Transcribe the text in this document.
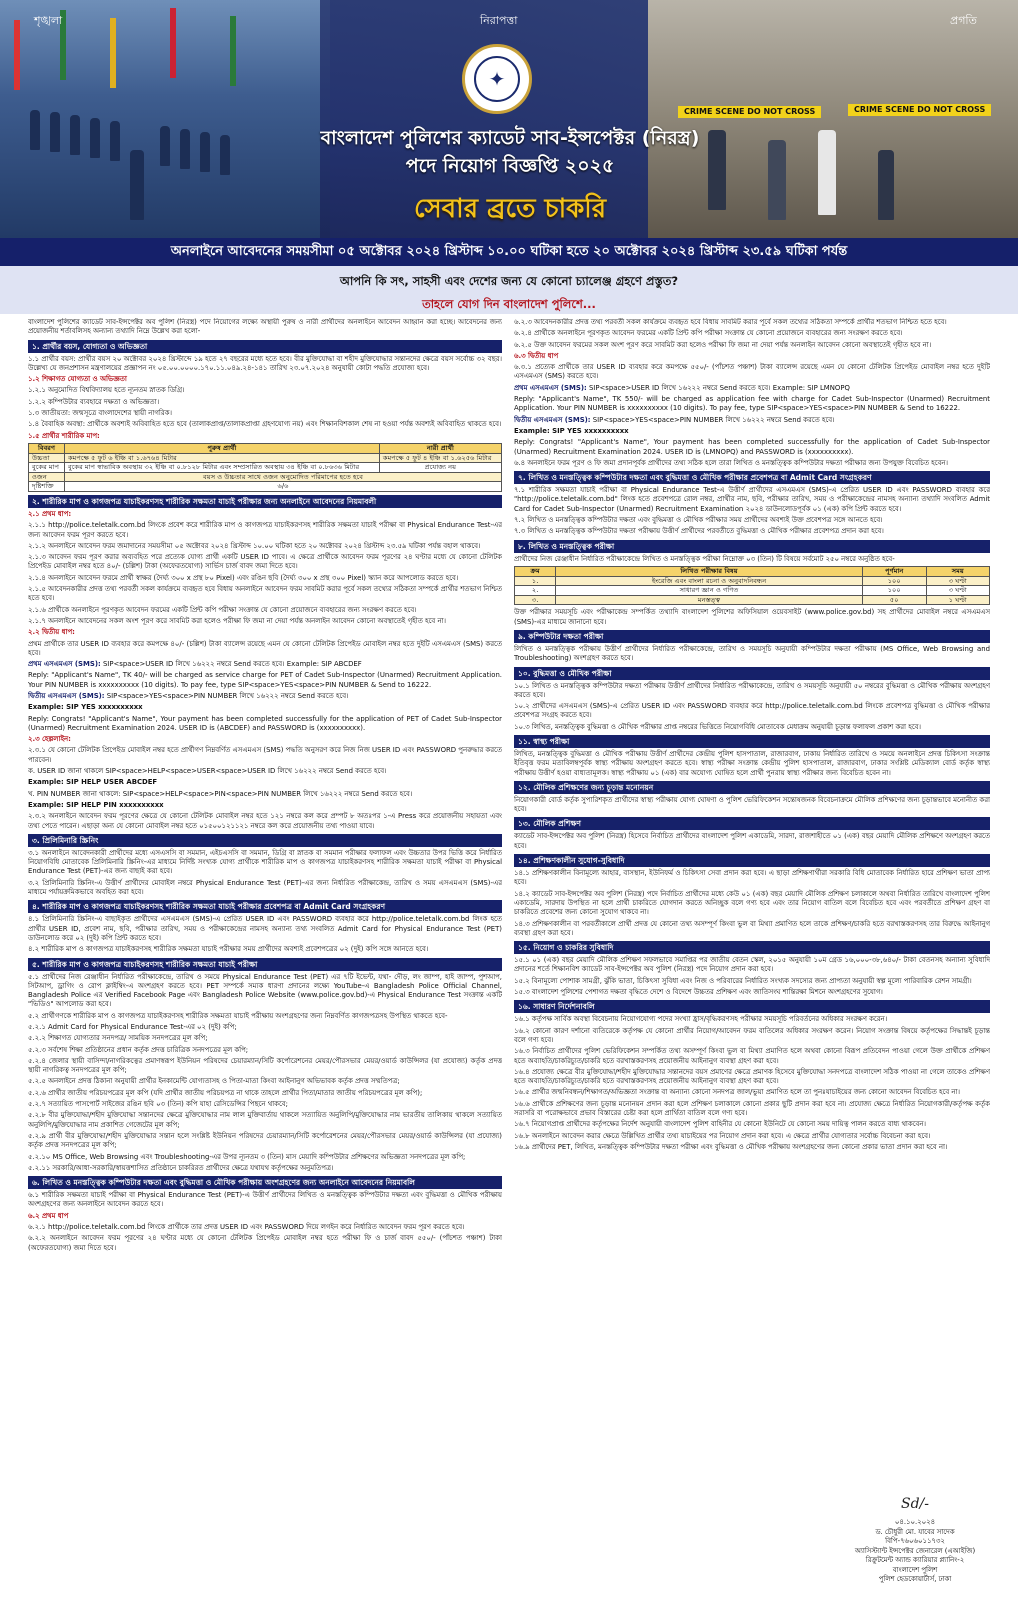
CRIME SCENE DO NOT CROSS	CRIME SCENE DO NOT CROSS
শৃঙ্খলা	নিরাপত্তা	প্রগতি
✦
বাংলাদেশ পুলিশের ক্যাডেট সাব-ইন্সপেক্টর (নিরস্ত্র)
পদে নিয়োগ বিজ্ঞপ্তি ২০২৫
সেবার ব্রতে চাকরি
অনলাইনে আবেদনের সময়সীমা ০৫ অক্টোবর ২০২৪ খ্রিস্টাব্দ ১০.০০ ঘটিকা হতে ২০ অক্টোবর ২০২৪ খ্রিস্টাব্দ ২৩.৫৯ ঘটিকা পর্যন্ত
আপনি কি সৎ, সাহসী এবং দেশের জন্য যে কোনো চ্যালেঞ্জ গ্রহণে প্রস্তুত?
তাহলে যোগ দিন বাংলাদেশ পুলিশে...
বাংলাদেশ পুলিশের ক্যাডেট সাব-ইন্সপেক্টর অব পুলিশ (নিরস্ত্র) পদে নিয়োগের লক্ষ্যে অস্থায়ী পুরুষ ও নারী প্রার্থীদের অনলাইনে আবেদন আহ্বান করা হচ্ছে। আবেদনের জন্য প্রয়োজনীয় শর্তাবলিসহ অন্যান্য তথ্যাদি নিম্নে উল্লেখ করা হলো-
১. প্রার্থীর বয়স, যোগ্যতা ও অভিজ্ঞতা
১.১ প্রার্থীর বয়স: প্রার্থীর বয়স ২০ অক্টোবর ২০২৪ খ্রিস্টাব্দে ১৯ হতে ২৭ বছরের মধ্যে হতে হবে। বীর মুক্তিযোদ্ধা বা শহীদ মুক্তিযোদ্ধার সন্তানদের ক্ষেত্রে বয়স সর্বোচ্চ ৩২ বছর। উল্লেখ্য যে জনপ্রশাসন মন্ত্রণালয়ের প্রজ্ঞাপন নং ০৫.০০.০০০০.১৭০.১১.০৪৯.২৪-১৪১ তারিখ ২৩.০৭.২০২৪ অনুযায়ী কোটা পদ্ধতি প্রযোজ্য হবে।
১.২ শিক্ষাগত যোগ্যতা ও অভিজ্ঞতা
১.২.১ অনুমোদিত বিশ্ববিদ্যালয় হতে ন্যূনতম স্নাতক ডিগ্রি।
১.২.২ কম্পিউটার ব্যবহারে দক্ষতা ও অভিজ্ঞতা।
১.৩ জাতীয়তা: জন্মসূত্রে বাংলাদেশের স্থায়ী নাগরিক।
১.৪ বৈবাহিক অবস্থা: প্রার্থীকে অবশ্যই অবিবাহিত হতে হবে (তালাকপ্রাপ্ত/তালাকপ্রাপ্তা গ্রহণযোগ্য নয়) এবং শিক্ষানবিশকাল শেষ না হওয়া পর্যন্ত অবশ্যই অবিবাহিত থাকতে হবে।
১.৫ প্রার্থীর শারীরিক মাপ:
বিবরণ	পুরুষ প্রার্থী	নারী প্রার্থী
উচ্চতা	কমপক্ষে ৫ ফুট ৬ ইঞ্চি বা ১.৬৭৬৪ মিটার	কমপক্ষে ৫ ফুট ৪ ইঞ্চি বা ১.৬২৫৬ মিটার
বুকের মাপ	বুকের মাপ স্বাভাবিক অবস্থায় ৩২ ইঞ্চি বা ০.৮১২৮ মিটার এবং সম্প্রসারিত অবস্থায় ৩৪ ইঞ্চি বা ০.৮৬৩৬ মিটার	প্রযোজ্য নয়
ওজন	বয়স ও উচ্চতার সাথে ওজন অনুমোদিত পরিমাপের হতে হবে	
দৃষ্টিশক্তি	৬/৬	
২. শারীরিক মাপ ও কাগজপত্র যাচাইকরণসহ শারীরিক সক্ষমতা যাচাই পরীক্ষার জন্য অনলাইনে আবেদনের নিয়মাবলী
২.১ প্রথম ধাপ:
২.১.১ http://police.teletalk.com.bd লিংকে প্রবেশ করে শারীরিক মাপ ও কাগজপত্র যাচাইকরণসহ শারীরিক সক্ষমতা যাচাই পরীক্ষা বা Physical Endurance Test-এর জন্য আবেদন ফরম পূরণ করতে হবে।
২.১.২ অনলাইনে আবেদন ফরম জমাদানের সময়সীমা ০৫ অক্টোবর ২০২৪ খ্রিস্টাব্দ ১০.০০ ঘটিকা হতে ২০ অক্টোবর ২০২৪ খ্রিস্টাব্দ ২৩.৫৯ ঘটিকা পর্যন্ত বহাল থাকবে।
২.১.৩ আবেদন ফরম পূরণ করার অব্যবহিত পরে প্রত্যেক যোগ্য প্রার্থী একটি USER ID পাবে। এ ক্ষেত্রে প্রার্থীকে আবেদন ফরম পূরণের ২৪ ঘণ্টার মধ্যে যে কোনো টেলিটক প্রিপেইড মোবাইল নম্বর হতে ৪০/- (চল্লিশ) টাকা (অফেরতযোগ্য) সার্ভিস চার্জ বাবদ জমা দিতে হবে।
২.১.৪ অনলাইনে আবেদন ফরমে প্রার্থী স্বাক্ষর (দৈর্ঘ্য ৩০০ x প্রস্থ ৮০ Pixel) এবং রঙিন ছবি (দৈর্ঘ্য ৩০০ x প্রস্থ ৩০০ Pixel) স্ক্যান করে আপলোড করতে হবে।
২.১.৫ আবেদনকারীর প্রদত্ত তথ্য পরবর্তী সকল কার্যক্রমে ব্যবহৃত হবে বিধায় অনলাইনে আবেদন ফরম সাবমিট করার পূর্বে সকল তথ্যের সঠিকতা সম্পর্কে প্রার্থীর শতভাগ নিশ্চিত হতে হবে।
২.১.৬ প্রার্থীকে অনলাইনে পূরণকৃত আবেদন ফরমের একটি প্রিন্ট কপি পরীক্ষা সংক্রান্ত যে কোনো প্রয়োজনে ব্যবহারের জন্য সংরক্ষণ করতে হবে।
২.১.৭ অনলাইনে আবেদনের সকল অংশ পূরণ করে সাবমিট করা হলেও পরীক্ষা ফি জমা না দেয়া পর্যন্ত অনলাইন আবেদন কোনো অবস্থাতেই গৃহীত হবে না।
২.২ দ্বিতীয় ধাপ:
প্রথম প্রার্থীকে তার USER ID ব্যবহার করে কমপক্ষে ৪০/- (চল্লিশ) টাকা ব্যালেন্স রয়েছে এমন যে কোনো টেলিটক প্রিপেইড মোবাইল নম্বর হতে দুইটি এসএমএস (SMS) করতে হবে।
প্রথম এসএমএস (SMS): SIP<space>USER ID লিখে ১৬২২২ নম্বরে Send করতে হবে। Example: SIP ABCDEF
Reply: "Applicant's Name", TK 40/- will be charged as service charge for PET of Cadet Sub-Inspector (Unarmed) Recruitment Application. Your PIN NUMBER is xxxxxxxxxx (10 digits). To pay fee, type SIP<space>YES<space>PIN NUMBER & Send to 16222.
দ্বিতীয় এসএমএস (SMS): SIP<space>YES<space>PIN NUMBER লিখে ১৬২২২ নম্বরে Send করতে হবে।
Example: SIP YES xxxxxxxxxx
Reply: Congrats! "Applicant's Name", Your payment has been completed successfully for the application of PET of Cadet Sub-Inspector (Unarmed) Recruitment Examination 2024. USER ID is (ABCDEF) and PASSWORD is (xxxxxxxxxx).
২.৩ হেল্পলাইন:
২.৩.১ যে কোনো টেলিটক প্রিপেইড মোবাইল নম্বর হতে প্রার্থীগণ নিম্নবর্ণিত এসএমএস (SMS) পদ্ধতি অনুসরণ করে নিজ নিজ USER ID এবং PASSWORD পুনরুদ্ধার করতে পারবেন।
ক. USER ID জানা থাকলে SIP<space>HELP<space>USER<space>USER ID লিখে ১৬২২২ নম্বরে Send করতে হবে।
Example: SIP HELP USER ABCDEF
খ. PIN NUMBER জানা থাকলে: SIP<space>HELP<space>PIN<space>PIN NUMBER লিখে ১৬২২২ নম্বরে Send করতে হবে।
Example: SIP HELP PIN xxxxxxxxxx
২.৩.২ অনলাইনে আবেদন ফরম পূরণের ক্ষেত্রে যে কোনো টেলিটক মোবাইল নম্বর হতে ১২১ নম্বরে কল করে প্রম্পট ৮ অতঃপর ১-এ Press করে প্রয়োজনীয় সহায়তা এবং তথ্য পেতে পারেন। এছাড়া অন্য যে কোনো মোবাইল নম্বর হতে ০১৫০০১২১১২১ নম্বরে কল করে প্রয়োজনীয় তথ্য পাওয়া যাবে।
৩. প্রিলিমিনারি স্ক্রিনিং
৩.১ অনলাইনে আবেদনকারী প্রার্থীদের মধ্যে এসএসসি বা সমমান, এইচএসসি বা সমমান, ডিগ্রি বা স্নাতক বা সমমান পরীক্ষার ফলাফল এবং উচ্চতার উপর ভিত্তি করে নির্ধারিত নিয়োগবিধি মোতাবেক প্রিলিমিনারি স্ক্রিনিং-এর মাধ্যমে নির্দিষ্ট সংখ্যক যোগ্য প্রার্থীকে শারীরিক মাপ ও কাগজপত্র যাচাইকরণসহ শারীরিক সক্ষমতা যাচাই পরীক্ষা বা Physical Endurance Test (PET)-এর জন্য বাছাই করা হবে।
৩.২ প্রিলিমিনারি স্ক্রিনিং-এ উত্তীর্ণ প্রার্থীদের মোবাইল নম্বরে Physical Endurance Test (PET)-এর জন্য নির্ধারিত পরীক্ষাকেন্দ্র, তারিখ ও সময় এসএমএস (SMS)-এর মাধ্যমে পর্যায়ক্রমিকভাবে অবহিত করা হবে।
৪. শারীরিক মাপ ও কাগজপত্র যাচাইকরণসহ শারীরিক সক্ষমতা যাচাই পরীক্ষার প্রবেশপত্র বা Admit Card সংগ্রহকরণ
৪.১ প্রিলিমিনারি স্ক্রিনিং-এ বাছাইকৃত প্রার্থীদের এসএমএস (SMS)-এ প্রেরিত USER ID এবং PASSWORD ব্যবহার করে http://police.teletalk.com.bd লিংক হতে প্রার্থীর USER ID, প্রবেশ নাম, ছবি, পরীক্ষার তারিখ, সময় ও পরীক্ষাকেন্দ্রের নামসহ অন্যান্য তথ্য সংবলিত Admit Card for Physical Endurance Test (PET) ডাউনলোড করে ০২ (দুই) কপি প্রিন্ট করতে হবে।
৪.২ শারীরিক মাপ ও কাগজপত্র যাচাইকরণসহ শারীরিক সক্ষমতা যাচাই পরীক্ষার সময় প্রার্থীদের অবশ্যই প্রবেশপত্রের ০২ (দুই) কপি সঙ্গে আনতে হবে।
৫. শারীরিক মাপ ও কাগজপত্র যাচাইকরণসহ শারীরিক সক্ষমতা যাচাই পরীক্ষা
৫.১ প্রার্থীদের নিজ রেঞ্জাধীন নির্ধারিত পরীক্ষাকেন্দ্রে, তারিখ ও সময়ে Physical Endurance Test (PET) এর ৭টি ইভেন্ট, যথা- দৌড়, লং জাম্প, হাই জাম্প, পুশআপ, সিটআপ, ড্রাগিং ও রোপ ক্লাইম্বিং-এ অংশগ্রহণ করতে হবে। PET সম্পর্কে সম্যক ধারণা প্রদানের লক্ষ্যে YouTube-এ Bangladesh Police Official Channel, Bangladesh Police এর Verified Facebook Page এবং Bangladesh Police Website (www.police.gov.bd)-এ Physical Endurance Test সংক্রান্ত একটি "ভিডিও" আপলোড করা হবে।
৫.২ প্রার্থীগণকে শারীরিক মাপ ও কাগজপত্র যাচাইকরণসহ শারীরিক সক্ষমতা যাচাই পরীক্ষায় অংশগ্রহণের জন্য নিম্নবর্ণিত কাগজপত্রসহ উপস্থিত থাকতে হবে-
৫.২.১ Admit Card for Physical Endurance Test-এর ০২ (দুই) কপি;
৫.২.২ শিক্ষাগত যোগ্যতার সনদপত্র/ সাময়িক সনদপত্রের মূল কপি;
৫.২.৩ সর্বশেষ শিক্ষা প্রতিষ্ঠানের প্রধান কর্তৃক প্রদত্ত চারিত্রিক সনদপত্রের মূল কপি;
৫.২.৪ জেলার স্থায়ী বাসিন্দা/নাগরিকত্বের প্রমাণস্বরূপ ইউনিয়ন পরিষদের চেয়ারম্যান/সিটি কর্পোরেশনের মেয়র/পৌরসভার মেয়র/ওয়ার্ড কাউন্সিলর (যা প্রযোজ্য) কর্তৃক প্রদত্ত স্থায়ী নাগরিকত্ব সনদপত্রের মূল কপি;
৫.২.৫ অনলাইনে প্রদত্ত ঠিকানা অনুযায়ী প্রার্থীর ইনকামেন্টি যোগ্যতাসহ ও পিতা-মাতা কিংবা আইনানুগ অভিভাবক কর্তৃক প্রদত্ত সম্মতিপত্র;
৫.২.৬ প্রার্থীর জাতীয় পরিচয়পত্রের মূল কপি (যদি প্রার্থীর জাতীয় পরিচয়পত্র না থাকে তাহলে প্রার্থীর পিতা/মাতার জাতীয় পরিচয়পত্রের মূল কপি);
৫.২.৭ সত্যায়িত পাসপোর্ট সাইজের রঙিন ছবি ০৩ (তিন) কপি যাহা রেসিডেন্সির পিছনে থাকবে;
৫.২.৮ বীর মুক্তিযোদ্ধা/শহীদ মুক্তিযোদ্ধা সন্তানদের ক্ষেত্রে মুক্তিযোদ্ধার নাম লাল মুক্তিবার্তায় থাকলে সত্যায়িত অনুলিপি/মুক্তিযোদ্ধার নাম ভারতীয় তালিকায় থাকলে সত্যায়িত অনুলিপি/মুক্তিযোদ্ধার নাম প্রকাশিত গেজেটের মূল কপি;
৫.২.৯ প্রার্থী বীর মুক্তিযোদ্ধা/শহীদ মুক্তিযোদ্ধার সন্তান হলে সংশ্লিষ্ট ইউনিয়ন পরিষদের চেয়ারম্যান/সিটি কর্পোরেশনের মেয়র/পৌরসভার মেয়র/ওয়ার্ড কাউন্সিলর (যা প্রযোজ্য) কর্তৃক প্রদত্ত সনদপত্রের মূল কপি;
৫.২.১০ MS Office, Web Browsing এবং Troubleshooting-এর উপর ন্যূনতম ৩ (তিন) মাস মেয়াদি কম্পিউটার প্রশিক্ষণের অভিজ্ঞতা সনদপত্রের মূল কপি;
৫.২.১১ সরকারি/আধা-সরকারি/স্বায়ত্তশাসিত প্রতিষ্ঠানে চাকরিরত প্রার্থীদের ক্ষেত্রে যথাযথ কর্তৃপক্ষের অনুমতিপত্র।
৬. লিখিত ও মনস্তত্ত্বিক কম্পিউটার দক্ষতা এবং বুদ্ধিমত্তা ও মৌখিক পরীক্ষায় অংশগ্রহণের জন্য অনলাইনে আবেদনের নিয়মাবলি
৬.১ শারীরিক সক্ষমতা যাচাই পরীক্ষা বা Physical Endurance Test (PET)-এ উত্তীর্ণ প্রার্থীদের লিখিত ও মনস্তত্ত্বিক কম্পিউটার দক্ষতা এবং বুদ্ধিমত্তা ও মৌখিক পরীক্ষায় অংশগ্রহণের জন্য অনলাইনে আবেদন করতে হবে।
৬.২ প্রথম ধাপ
৬.২.১ http://police.teletalk.com.bd লিংকে প্রার্থীকে তার প্রদত্ত USER ID এবং PASSWORD দিয়ে লগইন করে নির্ধারিত আবেদন ফরম পূরণ করতে হবে।
৬.২.২ অনলাইনে আবেদন ফরম পূরণের ২৪ ঘণ্টার মধ্যে যে কোনো টেলিটক প্রিপেইড মোবাইল নম্বর হতে পরীক্ষা ফি ও চার্জ বাবদ ৫৫০/- (পাঁচশত পঞ্চাশ) টাকা (অফেরতযোগ্য) জমা দিতে হবে।
৬.২.৩ আবেদনকারীর প্রদত্ত তথ্য পরবর্তী সকল কার্যক্রমে ব্যবহৃত হবে বিধায় সাবমিট করার পূর্বে সকল তথ্যের সঠিকতা সম্পর্কে প্রার্থীর শতভাগ নিশ্চিত হতে হবে।
৬.২.৪ প্রার্থীকে অনলাইনে পূরণকৃত আবেদন ফরমের একটি প্রিন্ট কপি পরীক্ষা সংক্রান্ত যে কোনো প্রয়োজনে ব্যবহারের জন্য সংরক্ষণ করতে হবে।
৬.২.৫ উক্ত আবেদন ফরমের সকল অংশ পূরণ করে সাবমিট করা হলেও পরীক্ষা ফি জমা না দেয়া পর্যন্ত অনলাইন আবেদন কোনো অবস্থাতেই গৃহীত হবে না।
৬.৩ দ্বিতীয় ধাপ
৬.৩.১ প্রত্যেক প্রার্থীকে তার USER ID ব্যবহার করে কমপক্ষে ৫৫০/- (পাঁচশত পঞ্চাশ) টাকা ব্যালেন্স রয়েছে এমন যে কোনো টেলিটক প্রিপেইড মোবাইল নম্বর হতে দুইটি এসএমএস (SMS) করতে হবে।
প্রথম এসএমএস (SMS): SIP<space>USER ID লিখে ১৬২২২ নম্বরে Send করতে হবে। Example: SIP LMNOPQ
Reply: "Applicant's Name", TK 550/- will be charged as application fee with charge for Cadet Sub-Inspector (Unarmed) Recruitment Application. Your PIN NUMBER is xxxxxxxxxx (10 digits). To pay fee, type SIP<space>YES<space>PIN NUMBER & Send to 16222.
দ্বিতীয় এসএমএস (SMS): SIP<space>YES<space>PIN NUMBER লিখে ১৬২২২ নম্বরে Send করতে হবে।
Example: SIP YES xxxxxxxxxx
Reply: Congrats! "Applicant's Name", Your payment has been completed successfully for the application of Cadet Sub-Inspector (Unarmed) Recruitment Examination 2024. USER ID is (LMNOPQ) and PASSWORD is (xxxxxxxxxx).
৬.৪ অনলাইনে ফরম পূরণ ও ফি জমা প্রদানপূর্বক প্রার্থীদের তথ্য সঠিক হলে তারা লিখিত ও মনস্তত্ত্বিক কম্পিউটার দক্ষতা পরীক্ষার জন্য উপযুক্ত বিবেচিত হবেন।
৭. লিখিত ও মনস্তত্ত্বিক কম্পিউটার দক্ষতা এবং বুদ্ধিমত্তা ও মৌখিক পরীক্ষার প্রবেশপত্র বা Admit Card সংগ্রহকরণ
৭.১ শারীরিক সক্ষমতা যাচাই পরীক্ষা বা Physical Endurance Test-এ উত্তীর্ণ প্রার্থীদের এসএমএস (SMS)-এ প্রেরিত USER ID এবং PASSWORD ব্যবহার করে "http://police.teletalk.com.bd" লিংক হতে প্রবেশপত্রে রোল নম্বর, প্রার্থীর নাম, ছবি, পরীক্ষার তারিখ, সময় ও পরীক্ষাকেন্দ্রের নামসহ অন্যান্য তথ্যাদি সংবলিত Admit Card for Cadet Sub-Inspector (Unarmed) Recruitment Examination ২০২৪ ডাউনলোডপূর্বক ০১ (এক) কপি প্রিন্ট করতে হবে।
৭.২ লিখিত ও মনস্তত্ত্বিক কম্পিউটার দক্ষতা এবং বুদ্ধিমত্তা ও মৌখিক পরীক্ষার সময় প্রার্থীদের অবশ্যই উক্ত প্রবেশপত্র সঙ্গে আনতে হবে।
৭.৩ লিখিত ও মনস্তত্ত্বিক কম্পিউটার দক্ষতা পরীক্ষায় উত্তীর্ণ প্রার্থীদের পরবর্তীতে বুদ্ধিমত্তা ও মৌখিক পরীক্ষার প্রবেশপত্র প্রদান করা হবে।
৮. লিখিত ও মনস্তত্ত্বিক পরীক্ষা
প্রার্থীদের নিজ রেঞ্জাধীন নির্ধারিত পরীক্ষাকেন্দ্রে লিখিত ও মনস্তত্ত্বিক পরীক্ষা নিম্নোক্ত ০৩ (তিন) টি বিষয়ে সর্বমোট ২৫০ নম্বরে অনুষ্ঠিত হবে-
ক্রম	লিখিত পরীক্ষার বিষয়	পূর্ণমান	সময়
১.	ইংরেজি এবং বাংলা রচনা ও অনুবাদনিবন্ধন	১০০	৩ ঘণ্টা
২.	সাধারণ জ্ঞান ও গণিত	১০০	৩ ঘণ্টা
৩.	মনস্তত্ত্ব	৫০	১ ঘণ্টা
উক্ত পরীক্ষার সময়সূচি এবং পরীক্ষাকেন্দ্র সম্পর্কিত তথ্যাদি বাংলাদেশ পুলিশের অফিসিয়াল ওয়েবসাইট (www.police.gov.bd) সহ প্রার্থীদের মোবাইল নম্বরে এসএমএস (SMS)-এর মাধ্যমে জানানো হবে।
৯. কম্পিউটার দক্ষতা পরীক্ষা
লিখিত ও মনস্তত্ত্বিক পরীক্ষায় উত্তীর্ণ প্রার্থীদের নির্ধারিত পরীক্ষাকেন্দ্রে, তারিখ ও সময়সূচি অনুযায়ী কম্পিউটার দক্ষতা পরীক্ষায় (MS Office, Web Browsing and Troubleshooting) অংশগ্রহণ করতে হবে।
১০. বুদ্ধিমত্তা ও মৌখিক পরীক্ষা
১০.১ লিখিত ও মনস্তত্ত্বিক কম্পিউটার দক্ষতা পরীক্ষায় উত্তীর্ণ প্রার্থীদের নির্ধারিত পরীক্ষাকেন্দ্রে, তারিখ ও সময়সূচি অনুযায়ী ৫০ নম্বরের বুদ্ধিমত্তা ও মৌখিক পরীক্ষায় অংশগ্রহণ করতে হবে।
১০.২ প্রার্থীদের এসএমএস (SMS)-এ প্রেরিত USER ID এবং PASSWORD ব্যবহার করে http://police.teletalk.com.bd লিংকে প্রবেশপত্র বুদ্ধিমত্তা ও মৌখিক পরীক্ষার প্রবেশপত্র সংগ্রহ করতে হবে।
১০.৩ লিখিত, মনস্তত্ত্বিক বুদ্ধিমত্তা ও মৌখিক পরীক্ষার প্রাপ্ত নম্বরের ভিত্তিতে নিয়োগবিধি মোতাবেক মেধাক্রম অনুযায়ী চূড়ান্ত ফলাফল প্রকাশ করা হবে।
১১. স্বাস্থ্য পরীক্ষা
লিখিত, মনস্তত্ত্বিক বুদ্ধিমত্তা ও মৌখিক পরীক্ষায় উত্তীর্ণ প্রার্থীদের কেন্দ্রীয় পুলিশ হাসপাতাল, রাজারবাগ, ঢাকায় নির্ধারিত তারিখে ও সময়ে অনলাইনে প্রদত্ত চিকিৎসা সংক্রান্ত ইতিবৃত্ত ফরম মতাবিলম্বপূর্বক স্বাস্থ্য পরীক্ষায় অংশগ্রহণ করতে হবে। স্বাস্থ্য পরীক্ষা সংক্রান্ত কেন্দ্রীয় পুলিশ হাসপাতাল, রাজারবাগ, ঢাকার সংশ্লিষ্ট মেডিক্যাল বোর্ড কর্তৃক স্বাস্থ্য পরীক্ষায় উত্তীর্ণ হওয়া বাধ্যতামূলক। স্বাস্থ্য পরীক্ষায় ০১ (এক) বার অযোগ্য ঘোষিত হলে প্রার্থী পুনরায় স্বাস্থ্য পরীক্ষার জন্য বিবেচিত হবেন না।
১২. মৌলিক প্রশিক্ষণের জন্য চূড়ান্ত মনোনয়ন
নিয়োগকারী বোর্ড কর্তৃক সুপারিশকৃত প্রার্থীদের স্বাস্থ্য পরীক্ষায় যোগ্য ঘোষণা ও পুলিশ ভেরিফিকেশন সন্তোষজনক বিবেচনাক্রমে মৌলিক প্রশিক্ষণের জন্য চূড়ান্তভাবে মনোনীত করা হবে।
১৩. মৌলিক প্রশিক্ষণ
ক্যাডেট সাব-ইন্সপেক্টর অব পুলিশ (নিরস্ত্র) হিসেবে নির্বাচিত প্রার্থীদের বাংলাদেশ পুলিশ একাডেমি, সারদা, রাজশাহীতে ০১ (এক) বছর মেয়াদি মৌলিক প্রশিক্ষণে অংশগ্রহণ করতে হবে।
১৪. প্রশিক্ষণকালীন সুযোগ-সুবিধাদি
১৪.১ প্রশিক্ষণকালীন বিনামূল্যে আহার, বাসস্থান, ইউনিফর্ম ও চিকিৎসা সেবা প্রদান করা হবে। এ ছাড়া প্রশিক্ষণার্থীরা সরকারি বিধি মোতাবেক নির্ধারিত হারে প্রশিক্ষণ ভাতা প্রাপ্য হবে।
১৪.২ ক্যাডেট সাব-ইন্সপেক্টর অব পুলিশ (নিরস্ত্র) পদে নির্বাচিত প্রার্থীদের মধ্যে কেউ ০১ (এক) বছর মেয়াদি মৌলিক প্রশিক্ষণ চলাকালে অথবা নির্ধারিত তারিখে বাংলাদেশ পুলিশ একাডেমি, সারদায় উপস্থিত না হলে প্রার্থী চাকরিতে যোগদান করতে অনিচ্ছুক বলে গণ্য হবে এবং তার নিয়োগ বাতিল বলে বিবেচিত হবে এবং পরবর্তীতে প্রশিক্ষণ গ্রহণ বা চাকরিতে প্রবেশের জন্য কোনো সুযোগ থাকবে না।
১৪.৩ প্রশিক্ষণকালীন বা পরবর্তীকালে প্রার্থী প্রদত্ত যে কোনো তথ্য অসম্পূর্ণ কিংবা ভুল বা মিথ্যা প্রমাণিত হলে তাকে প্রশিক্ষণ/চাকরি হতে বরখাস্তকরণসহ তার বিরুদ্ধে আইনানুগ ব্যবস্থা গ্রহণ করা হবে।
১৫. নিয়োগ ও চাকরির সুবিধাদি
১৫.১ ০১ (এক) বছর মেয়াদি মৌলিক প্রশিক্ষণ সফলভাবে সমাপ্তির পর জাতীয় বেতন স্কেল, ২০১৫ অনুযায়ী ১০ম গ্রেড ১৬,০০০-৩৮,৬৪০/- টাকা বেতনসহ অন্যান্য সুবিধাদি প্রদানের শর্তে শিক্ষানবিশ ক্যাডেট সাব-ইন্সপেক্টর অব পুলিশ (নিরস্ত্র) পদে নিয়োগ প্রদান করা হবে।
১৫.২ বিনামূল্যে পোশাক সামগ্রী, ঝুঁকি ভাতা, চিকিৎসা সুবিধা এবং নিজ ও পরিবারের নির্ধারিত সংখ্যক সদস্যের জন্য প্রাপ্যতা অনুযায়ী স্বল্প মূল্যে পারিবারিক রেশন সামগ্রী।
১৫.৩ বাংলাদেশ পুলিশের পেশাগত দক্ষতা বৃদ্ধিতে দেশে ও বিদেশে উচ্চতর প্রশিক্ষণ এবং জাতিসংঘ শান্তিরক্ষা মিশনে অংশগ্রহণের সুযোগ।
১৬. সাধারণ নির্দেশনাবলি
১৬.১ কর্তৃপক্ষ সার্বিক অবস্থা বিবেচনায় নিয়োগযোগ্য পদের সংখ্যা হ্রাস/বৃদ্ধিকরণসহ পরীক্ষার সময়সূচি পরিবর্তনের অধিকার সংরক্ষণ করেন।
১৬.২ কোনো কারণ দর্শানো ব্যতিরেকে কর্তৃপক্ষ যে কোনো প্রার্থীর নিয়োগ/আবেদন ফরম বাতিলের অধিকার সংরক্ষণ করেন। নিয়োগ সংক্রান্ত বিষয়ে কর্তৃপক্ষের সিদ্ধান্তই চূড়ান্ত বলে গণ্য হবে।
১৬.৩ নির্বাচিত প্রার্থীদের পুলিশ ভেরিফিকেশন সম্পর্কিত তথ্য অসম্পূর্ণ কিংবা ভুল বা মিথ্যা প্রমাণিত হলে অথবা কোনো বিরূপ প্রতিবেদন পাওয়া গেলে উক্ত প্রার্থীকে প্রশিক্ষণ হতে অব্যাহতি/চাকরিচ্যুত/চাকরি হতে বরখাস্তকরণসহ প্রয়োজনীয় আইনানুগ ব্যবস্থা গ্রহণ করা হবে।
১৬.৪ প্রযোজ্য ক্ষেত্রে বীর মুক্তিযোদ্ধা/শহীদ মুক্তিযোদ্ধার সন্তানদের বয়স প্রমাণের ক্ষেত্রে প্রমাণক হিসেবে মুক্তিযোদ্ধা সনদপত্রে বাংলাদেশ সঠিক পাওয়া না গেলে তাকেও প্রশিক্ষণ হতে অব্যাহতি/চাকরিচ্যুত/চাকরি হতে বরখাস্তকরণসহ প্রয়োজনীয় আইনানুগ ব্যবস্থা গ্রহণ করা হবে।
১৬.৫ প্রার্থীর জন্মনিবন্ধন/শিক্ষাগত/অভিজ্ঞতা সংক্রান্ত বা অন্যান্য কোনো সনদপত্র জাল/ভুয়া প্রমাণিত হলে তা পুনঃযাচাইয়ের জন্য কোনো আবেদন বিবেচিত হবে না।
১৬.৬ প্রার্থীকে প্রশিক্ষণের জন্য চূড়ান্ত মনোনয়ন প্রদান করা হলে প্রশিক্ষণ চলাকালে কোনো প্রকার ছুটি প্রদান করা হবে না। প্রযোজ্য ক্ষেত্রে নির্ধারিত নিয়োগকারী/কর্তৃপক্ষ কর্তৃক সরাসরি বা পরোক্ষভাবে প্রভাব বিস্তারের চেষ্টা করা হলে প্রার্থিতা বাতিল বলে গণ্য হবে।
১৬.৭ নিয়োগপ্রাপ্ত প্রার্থীদের কর্তৃপক্ষের নির্দেশ অনুযায়ী বাংলাদেশ পুলিশ বাহিনীর যে কোনো ইউনিটে যে কোনো সময় দায়িত্ব পালন করতে বাধ্য থাকবেন।
১৬.৮ অনলাইনে আবেদন করার ক্ষেত্রে উল্লিখিত প্রার্থীর তথ্য যাচাইয়ের পর নিয়োগ প্রদান করা হবে। এ ক্ষেত্রে প্রার্থীর যোগ্যতার সর্বোচ্চ বিবেচনা করা হবে।
১৬.৯ প্রার্থীদের PET, লিখিত, মনস্তত্ত্বিক কম্পিউটার দক্ষতা পরীক্ষা এবং বুদ্ধিমত্তা ও মৌখিক পরীক্ষায় অংশগ্রহণের জন্য কোনো প্রকার ভাতা প্রদান করা হবে না।
Sd/-
০৪.১০.২০২৪
ড. চৌধুরী মো. যাবের সাদেক
বিপি-৭৬০৬০১১৭৩২
অ্যাসিস্ট্যান্ট ইন্সপেক্টর জেনারেল (এআইজি)
রিক্রুটমেন্ট অ্যান্ড ক্যারিয়ার প্ল্যানিং-২
বাংলাদেশ পুলিশ
পুলিশ হেডকোয়ার্টার্স, ঢাকা
